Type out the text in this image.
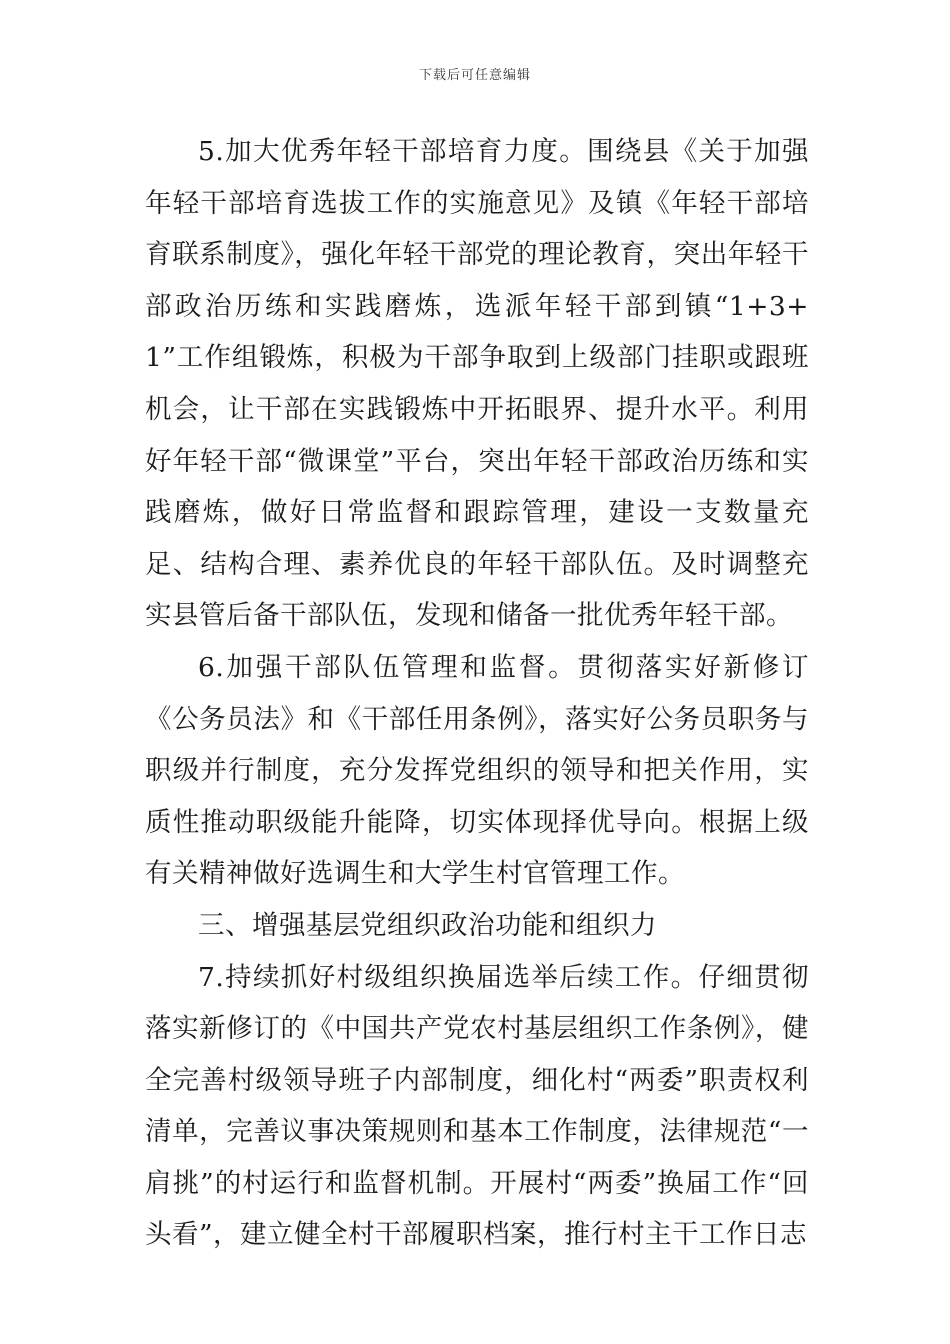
下载后可任意编辑

5.加大优秀年轻干部培育力度。围绕县《关于加强年轻干部培育选拔工作的实施意见》及镇《年轻干部培育联系制度》，强化年轻干部党的理论教育，突出年轻干部政治历练和实践磨炼，选派年轻干部到镇“1+3+1”工作组锻炼，积极为干部争取到上级部门挂职或跟班机会，让干部在实践锻炼中开拓眼界、提升水平。利用好年轻干部“微课堂”平台，突出年轻干部政治历练和实践磨炼，做好日常监督和跟踪管理，建设一支数量充足、结构合理、素养优良的年轻干部队伍。及时调整充实县管后备干部队伍，发现和储备一批优秀年轻干部。

6.加强干部队伍管理和监督。贯彻落实好新修订《公务员法》和《干部任用条例》，落实好公务员职务与职级并行制度，充分发挥党组织的领导和把关作用，实质性推动职级能升能降，切实体现择优导向。根据上级有关精神做好选调生和大学生村官管理工作。

三、增强基层党组织政治功能和组织力

7.持续抓好村级组织换届选举后续工作。仔细贯彻落实新修订的《中国共产党农村基层组织工作条例》，健全完善村级领导班子内部制度，细化村“两委”职责权利清单，完善议事决策规则和基本工作制度，法律规范“一肩挑”的村运行和监督机制。开展村“两委”换届工作“回头看”，建立健全村干部履职档案，推行村主干工作日志
